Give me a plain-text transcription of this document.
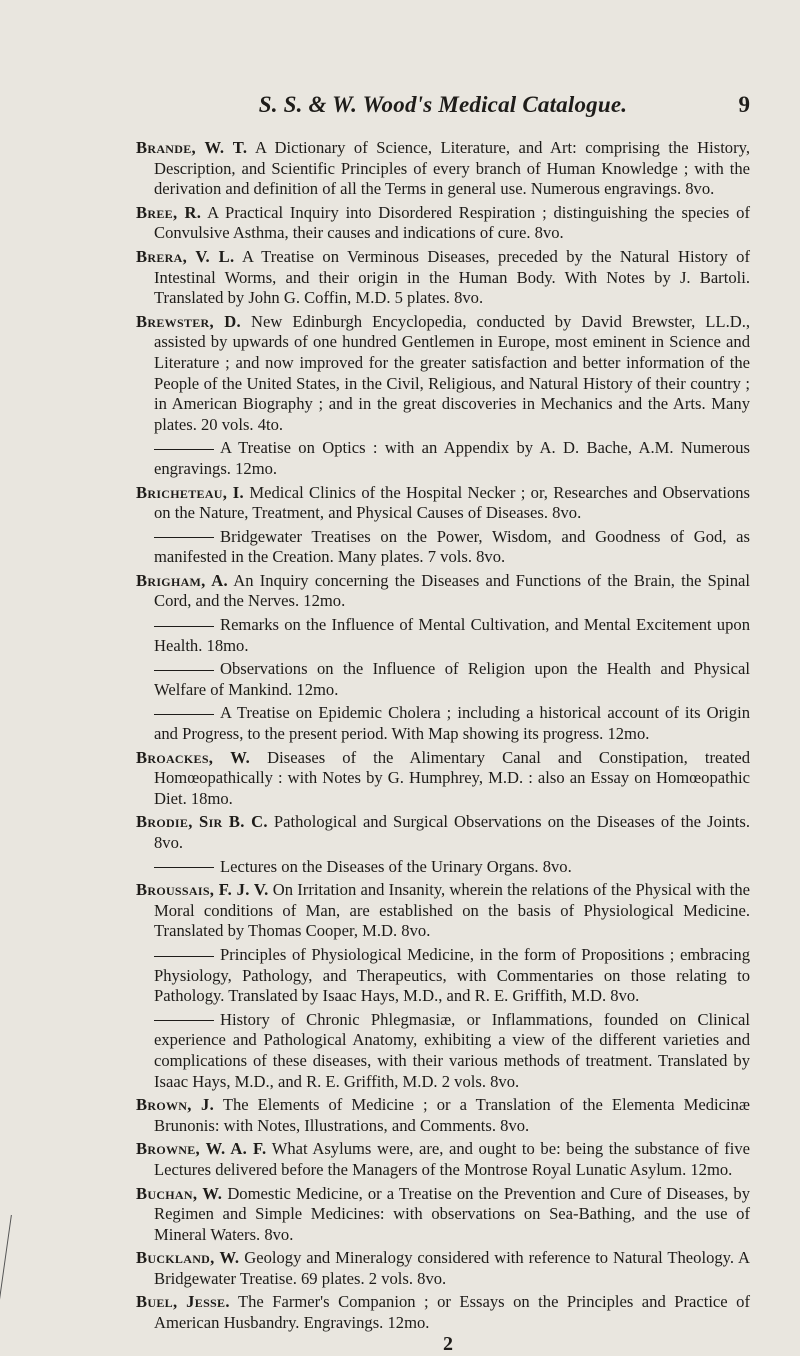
S. S. & W. Wood's Medical Catalogue.	9

Brande, W. T. A Dictionary of Science, Literature, and Art: comprising the History, Description, and Scientific Principles of every branch of Human Knowledge ; with the derivation and definition of all the Terms in general use. Numerous engravings. 8vo.

Bree, R. A Practical Inquiry into Disordered Respiration ; distinguishing the species of Convulsive Asthma, their causes and indications of cure. 8vo.

Brera, V. L. A Treatise on Verminous Diseases, preceded by the Natural History of Intestinal Worms, and their origin in the Human Body. With Notes by J. Bartoli. Translated by John G. Coffin, M.D. 5 plates. 8vo.

Brewster, D. New Edinburgh Encyclopedia, conducted by David Brewster, LL.D., assisted by upwards of one hundred Gentlemen in Europe, most eminent in Science and Literature ; and now improved for the greater satisfaction and better information of the People of the United States, in the Civil, Religious, and Natural History of their country ; in American Biography ; and in the great discoveries in Mechanics and the Arts. Many plates. 20 vols. 4to.

A Treatise on Optics : with an Appendix by A. D. Bache, A.M. Numerous engravings. 12mo.

Bricheteau, I. Medical Clinics of the Hospital Necker ; or, Researches and Observations on the Nature, Treatment, and Physical Causes of Diseases. 8vo.

Bridgewater Treatises on the Power, Wisdom, and Goodness of God, as manifested in the Creation. Many plates. 7 vols. 8vo.

Brigham, A. An Inquiry concerning the Diseases and Functions of the Brain, the Spinal Cord, and the Nerves. 12mo.

Remarks on the Influence of Mental Cultivation, and Mental Excitement upon Health. 18mo.

Observations on the Influence of Religion upon the Health and Physical Welfare of Mankind. 12mo.

A Treatise on Epidemic Cholera ; including a historical account of its Origin and Progress, to the present period. With Map showing its progress. 12mo.

Broackes, W. Diseases of the Alimentary Canal and Constipation, treated Homœopathically : with Notes by G. Humphrey, M.D. : also an Essay on Homœopathic Diet. 18mo.

Brodie, Sir B. C. Pathological and Surgical Observations on the Diseases of the Joints. 8vo.

Lectures on the Diseases of the Urinary Organs. 8vo.

Broussais, F. J. V. On Irritation and Insanity, wherein the relations of the Physical with the Moral conditions of Man, are established on the basis of Physiological Medicine. Translated by Thomas Cooper, M.D. 8vo.

Principles of Physiological Medicine, in the form of Propositions ; embracing Physiology, Pathology, and Therapeutics, with Commentaries on those relating to Pathology. Translated by Isaac Hays, M.D., and R. E. Griffith, M.D. 8vo.

History of Chronic Phlegmasiæ, or Inflammations, founded on Clinical experience and Pathological Anatomy, exhibiting a view of the different varieties and complications of these diseases, with their various methods of treatment. Translated by Isaac Hays, M.D., and R. E. Griffith, M.D. 2 vols. 8vo.

Brown, J. The Elements of Medicine ; or a Translation of the Elementa Medicinæ Brunonis: with Notes, Illustrations, and Comments. 8vo.

Browne, W. A. F. What Asylums were, are, and ought to be: being the substance of five Lectures delivered before the Managers of the Montrose Royal Lunatic Asylum. 12mo.

Buchan, W. Domestic Medicine, or a Treatise on the Prevention and Cure of Diseases, by Regimen and Simple Medicines: with observations on Sea-Bathing, and the use of Mineral Waters. 8vo.

Buckland, W. Geology and Mineralogy considered with reference to Natural Theology. A Bridgewater Treatise. 69 plates. 2 vols. 8vo.

Buel, Jesse. The Farmer's Companion ; or Essays on the Principles and Practice of American Husbandry. Engravings. 12mo.

2
